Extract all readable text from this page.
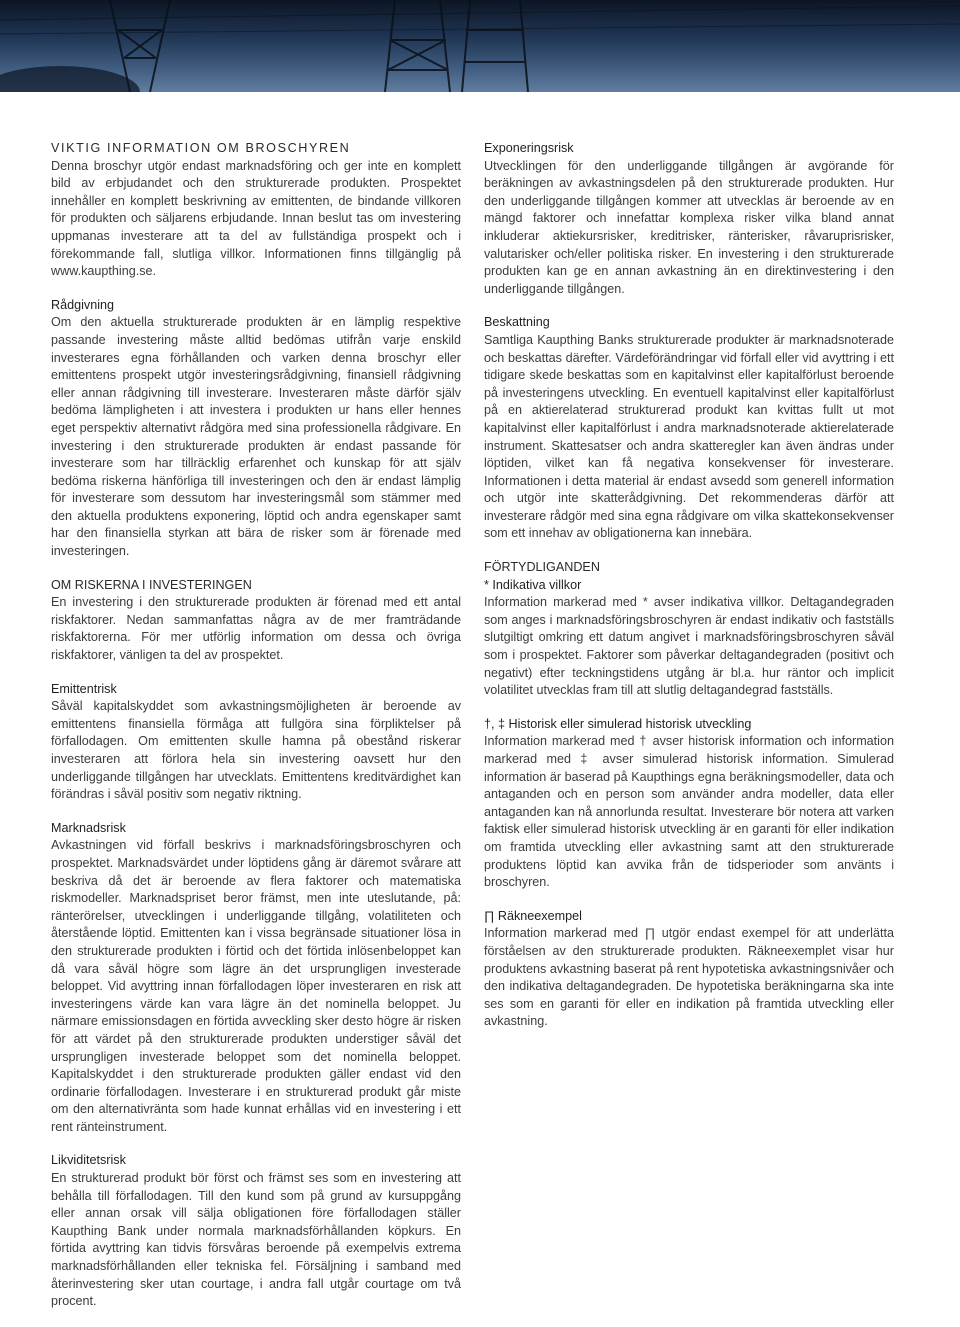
VIKTIG INFORMATION OM BROSCHYREN

Denna broschyr utgör endast marknadsföring och ger inte en komplett bild av erbjudandet och den strukturerade produkten. Prospektet innehåller en komplett beskrivning av emittenten, de bindande villkoren för produkten och säljarens erbjudande. Innan beslut tas om investering uppmanas investerare att ta del av fullständiga prospekt och i förekommande fall, slutliga villkor. Informationen finns tillgänglig på www.kaupthing.se.

Rådgivning

Om den aktuella strukturerade produkten är en lämplig respektive passande investering måste alltid bedömas utifrån varje enskild investerares egna förhållanden och varken denna broschyr eller emittentens prospekt utgör investeringsrådgivning, finansiell rådgivning eller annan rådgivning till investerare. Investeraren måste därför själv bedöma lämpligheten i att investera i produkten ur hans eller hennes eget perspektiv alternativt rådgöra med sina professionella rådgivare. En investering i den strukturerade produkten är endast passande för investerare som har tillräcklig erfarenhet och kunskap för att själv bedöma riskerna hänförliga till investeringen och den är endast lämplig för investerare som dessutom har investeringsmål som stämmer med den aktuella produktens exponering, löptid och andra egenskaper samt har den finansiella styrkan att bära de risker som är förenade med investeringen.

OM RISKERNA I INVESTERINGEN

En investering i den strukturerade produkten är förenad med ett antal riskfaktorer. Nedan sammanfattas några av de mer framträdande riskfaktorerna. För mer utförlig information om dessa och övriga riskfaktorer, vänligen ta del av prospektet.

Emittentrisk

Såväl kapitalskyddet som avkastningsmöjligheten är beroende av emittentens finansiella förmåga att fullgöra sina förpliktelser på förfallodagen. Om emittenten skulle hamna på obestånd riskerar investeraren att förlora hela sin investering oavsett hur den underliggande tillgången har utvecklats. Emittentens kreditvärdighet kan förändras i såväl positiv som negativ riktning.

Marknadsrisk

Avkastningen vid förfall beskrivs i marknadsföringsbroschyren och prospektet. Marknadsvärdet under löptidens gång är däremot svårare att beskriva då det är beroende av flera faktorer och matematiska riskmodeller. Marknadspriset beror främst, men inte uteslutande, på: ränterörelser, utvecklingen i underliggande tillgång, volatiliteten och återstående löptid. Emittenten kan i vissa begränsade situationer lösa in den strukturerade produkten i förtid och det förtida inlösenbeloppet kan då vara såväl högre som lägre än det ursprungligen investerade beloppet. Vid avyttring innan förfallodagen löper investeraren en risk att investeringens värde kan vara lägre än det nominella beloppet. Ju närmare emissionsdagen en förtida avveckling sker desto högre är risken för att värdet på den strukturerade produkten understiger såväl det ursprungligen investerade beloppet som det nominella beloppet. Kapitalskyddet i den strukturerade produkten gäller endast vid den ordinarie förfallodagen. Investerare i en strukturerad produkt går miste om den alternativränta som hade kunnat erhållas vid en investering i ett rent ränteinstrument.

Likviditetsrisk

En strukturerad produkt bör först och främst ses som en investering att behålla till förfallodagen. Till den kund som på grund av kursuppgång eller annan orsak vill sälja obligationen före förfallodagen ställer Kaupthing Bank under normala marknadsförhållanden köpkurs. En förtida avyttring kan tidvis försvåras beroende på exempelvis extrema marknadsförhållanden eller tekniska fel. Försäljning i samband med återinvestering sker utan courtage, i andra fall utgår courtage om två procent.

Exponeringsrisk

Utvecklingen för den underliggande tillgången är avgörande för beräkningen av avkastningsdelen på den strukturerade produkten. Hur den underliggande tillgången kommer att utvecklas är beroende av en mängd faktorer och innefattar komplexa risker vilka bland annat inkluderar aktiekursrisker, kreditrisker, ränterisker, råvaruprisrisker, valutarisker och/eller politiska risker. En investering i den strukturerade produkten kan ge en annan avkastning än en direktinvestering i den underliggande tillgången.

Beskattning

Samtliga Kaupthing Banks strukturerade produkter är marknadsnoterade och beskattas därefter. Värdeförändringar vid förfall eller vid avyttring i ett tidigare skede beskattas som en kapitalvinst eller kapitalförlust beroende på investeringens utveckling. En eventuell kapitalvinst eller kapitalförlust på en aktierelaterad strukturerad produkt kan kvittas fullt ut mot kapitalvinst eller kapitalförlust i andra marknadsnoterade aktierelaterade instrument. Skattesatser och andra skatteregler kan även ändras under löptiden, vilket kan få negativa konsekvenser för investerare. Informationen i detta material är endast avsedd som generell information och utgör inte skatterådgivning. Det rekommenderas därför att investerare rådgör med sina egna rådgivare om vilka skattekonsekvenser som ett innehav av obligationerna kan innebära.

FÖRTYDLIGANDEN
* Indikativa villkor

Information markerad med * avser indikativa villkor. Deltagandegraden som anges i marknadsföringsbroschyren är endast indikativ och fastställs slutgiltigt omkring ett datum angivet i marknadsföringsbroschyren såväl som i prospektet. Faktorer som påverkar deltagandegraden (positivt och negativt) efter teckningstidens utgång är bl.a. hur räntor och implicit volatilitet utvecklas fram till att slutlig deltagandegrad fastställs.

†, ‡ Historisk eller simulerad historisk utveckling

Information markerad med † avser historisk information och information markerad med ‡ avser simulerad historisk information. Simulerad information är baserad på Kaupthings egna beräkningsmodeller, data och antaganden och en person som använder andra modeller, data eller antaganden kan nå annorlunda resultat. Investerare bör notera att varken faktisk eller simulerad historisk utveckling är en garanti för eller indikation om framtida utveckling eller avkastning samt att den strukturerade produktens löptid kan avvika från de tidsperioder som använts i broschyren.

∏ Räkneexempel

Information markerad med ∏ utgör endast exempel för att underlätta förståelsen av den strukturerade produkten. Räkneexemplet visar hur produktens avkastning baserat på rent hypotetiska avkastningsnivåer och den indikativa deltagandegraden. De hypotetiska beräkningarna ska inte ses som en garanti för eller en indikation på framtida utveckling eller avkastning.
